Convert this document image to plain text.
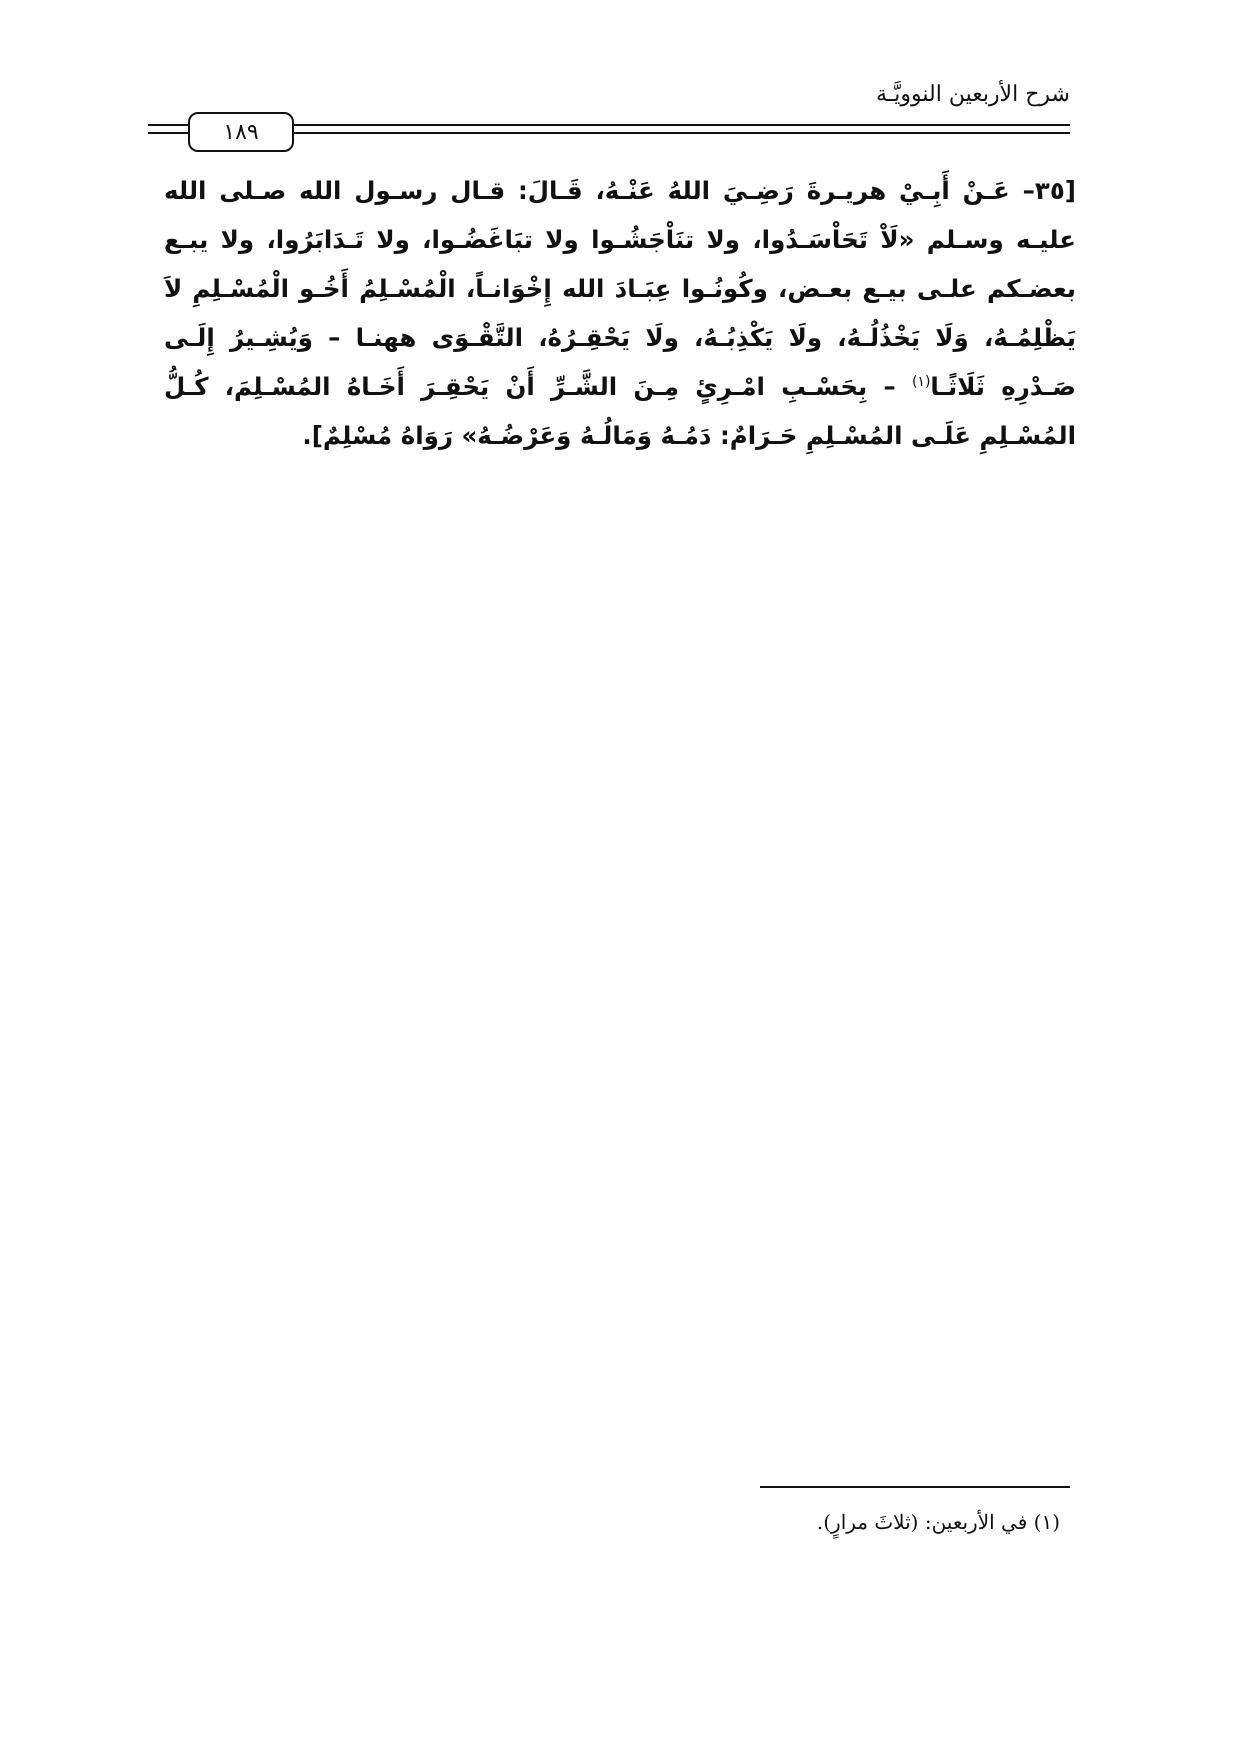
شرح الأربعين النوويَّـة
١٨٩
[٣٥– عَـنْ أَبِـيْ هريـرةَ رَضِـيَ اللهُ عَنْـهُ، قَـالَ: قـال رسـول الله صـلى الله عليـه وسـلم «لَاْ تَحَاْسَـدُوا، ولا تنَاْجَشُـوا ولا تبَاغَضُـوا، ولا تَـدَابَرُوا، ولا يبـع بعضـكم علـى بيـع بعـض، وكُونُـوا عِبَـادَ الله إِخْوَانـاً، الْمُسْـلِمُ أَخُـو الْمُسْـلِمِ لاَ يَظْلِمُـهُ، وَلَا يَخْذُلُـهُ، ولَا يَكْذِبُـهُ، ولَا يَحْقِـرُهُ، التَّقْـوَى ههنـا – وَيُشِـيرُ إِلَـى صَـدْرِهِ ثَلَاثًـا$^{(١)}$ – بِحَسْـبِ امْـرِئٍ مِـنَ الشَّـرِّ أَنْ يَحْقِـرَ أَخَـاهُ المُسْـلِمَ، كُـلُّ المُسْـلِمِ عَلَـى المُسْـلِمِ حَـرَامٌ: دَمُـهُ وَمَالُـهُ وَعَرْضُـهُ» رَوَاهُ مُسْلِمٌ].
(١) في الأربعين: (ثلاثَ مرارٍ).
